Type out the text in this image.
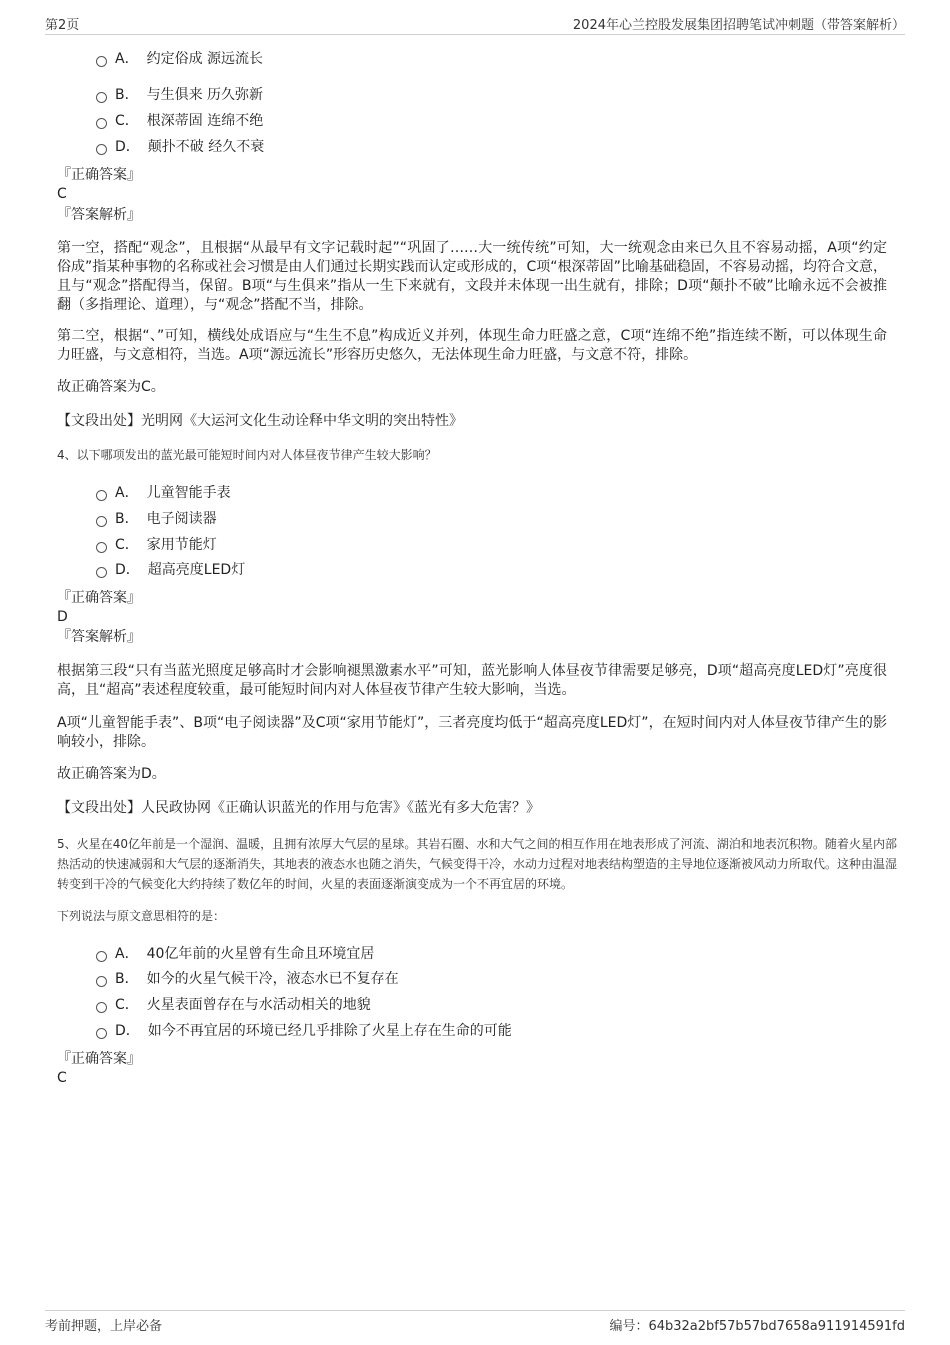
第2页	2024年心兰控股发展集团招聘笔试冲刺题（带答案解析）
A． 约定俗成 源远流长
B． 与生俱来 历久弥新
C． 根深蒂固 连绵不绝
D． 颠扑不破 经久不衰
『正确答案』
C
『答案解析』
第一空，搭配“观念”，且根据“从最早有文字记载时起”“巩固了……大一统传统”可知，大一统观念由来已久且不容易动摇，A项“约定俗成”指某种事物的名称或社会习惯是由人们通过长期实践而认定或形成的，C项“根深蒂固”比喻基础稳固，不容易动摇，均符合文意，且与“观念”搭配得当，保留。B项“与生俱来”指从一生下来就有，文段并未体现一出生就有，排除；D项“颠扑不破”比喻永远不会被推翻（多指理论、道理），与“观念”搭配不当，排除。
第二空，根据“、”可知，横线处成语应与“生生不息”构成近义并列，体现生命力旺盛之意，C项“连绵不绝”指连续不断，可以体现生命力旺盛，与文意相符，当选。A项“源远流长”形容历史悠久，无法体现生命力旺盛，与文意不符，排除。
故正确答案为C。
【文段出处】光明网《大运河文化生动诠释中华文明的突出特性》
4、以下哪项发出的蓝光最可能短时间内对人体昼夜节律产生较大影响？
A． 儿童智能手表
B． 电子阅读器
C． 家用节能灯
D． 超高亮度LED灯
『正确答案』
D
『答案解析』
根据第三段“只有当蓝光照度足够高时才会影响褪黑激素水平”可知，蓝光影响人体昼夜节律需要足够亮，D项“超高亮度LED灯”亮度很高，且“超高”表述程度较重，最可能短时间内对人体昼夜节律产生较大影响，当选。
A项“儿童智能手表”、B项“电子阅读器”及C项“家用节能灯”，三者亮度均低于“超高亮度LED灯”，在短时间内对人体昼夜节律产生的影响较小，排除。
故正确答案为D。
【文段出处】人民政协网《正确认识蓝光的作用与危害》《蓝光有多大危害？》
5、火星在40亿年前是一个湿润、温暖，且拥有浓厚大气层的星球。其岩石圈、水和大气之间的相互作用在地表形成了河流、湖泊和地表沉积物。随着火星内部热活动的快速减弱和大气层的逐渐消失，其地表的液态水也随之消失，气候变得干冷，水动力过程对地表结构塑造的主导地位逐渐被风动力所取代。这种由温湿转变到干冷的气候变化大约持续了数亿年的时间，火星的表面逐渐演变成为一个不再宜居的环境。
下列说法与原文意思相符的是：
A． 40亿年前的火星曾有生命且环境宜居
B． 如今的火星气候干冷，液态水已不复存在
C． 火星表面曾存在与水活动相关的地貌
D． 如今不再宜居的环境已经几乎排除了火星上存在生命的可能
『正确答案』
C
考前押题，上岸必备	编号：64b32a2bf57b57bd7658a911914591fd
